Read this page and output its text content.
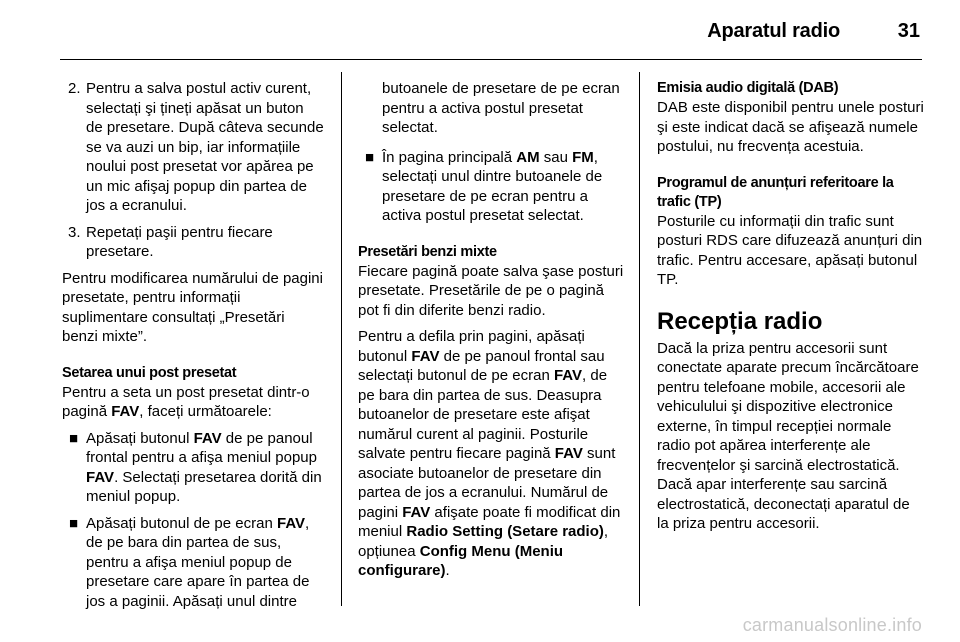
Aparatul radio	31
2. Pentru a salva postul activ curent, selectați şi țineți apăsat un buton de presetare. După câteva secunde se va auzi un bip, iar informațiile noului post presetat vor apărea pe un mic afişaj popup din partea de jos a ecranului.
3. Repetați paşii pentru fiecare presetare.

Pentru modificarea numărului de pagini presetate, pentru informații suplimentare consultați „Presetări benzi mixte”.

Setarea unui post presetat

Pentru a seta un post presetat dintr-o pagină FAV, faceți următoarele:

■ Apăsați butonul FAV de pe panoul frontal pentru a afişa meniul popup FAV. Selectați presetarea dorită din meniul popup.
■ Apăsați butonul de pe ecran FAV, de pe bara din partea de sus, pentru a afişa meniul popup de presetare care apare în partea de jos a paginii. Apăsați unul dintre
butoanele de presetare de pe ecran pentru a activa postul presetat selectat.
■ În pagina principală AM sau FM, selectați unul dintre butoanele de presetare de pe ecran pentru a activa postul presetat selectat.
Presetări benzi mixte

Fiecare pagină poate salva şase posturi presetate. Presetările de pe o pagină pot fi din diferite benzi radio.

Pentru a defila prin pagini, apăsați butonul FAV de pe panoul frontal sau selectați butonul de pe ecran FAV, de pe bara din partea de sus. Deasupra butoanelor de presetare este afişat numărul curent al paginii. Posturile salvate pentru fiecare pagină FAV sunt asociate butoanelor de presetare din partea de jos a ecranului. Numărul de pagini FAV afişate poate fi modificat din meniul Radio Setting (Setare radio), opțiunea Config Menu (Meniu configurare).

Emisia audio digitală (DAB)

DAB este disponibil pentru unele posturi şi este indicat dacă se afişează numele postului, nu frecvența acestuia.

Programul de anunțuri referitoare la trafic (TP)

Posturile cu informații din trafic sunt posturi RDS care difuzează anunțuri din trafic. Pentru accesare, apăsați butonul TP.

Recepția radio

Dacă la priza pentru accesorii sunt conectate aparate precum încărcătoare pentru telefoane mobile, accesorii ale vehiculului şi dispozitive electronice externe, în timpul recepției normale radio pot apărea interferențe ale frecvențelor şi sarcină electrostatică. Dacă apar interferențe sau sarcină electrostatică, deconectați aparatul de la priza pentru accesorii.

carmanualsonline.info
